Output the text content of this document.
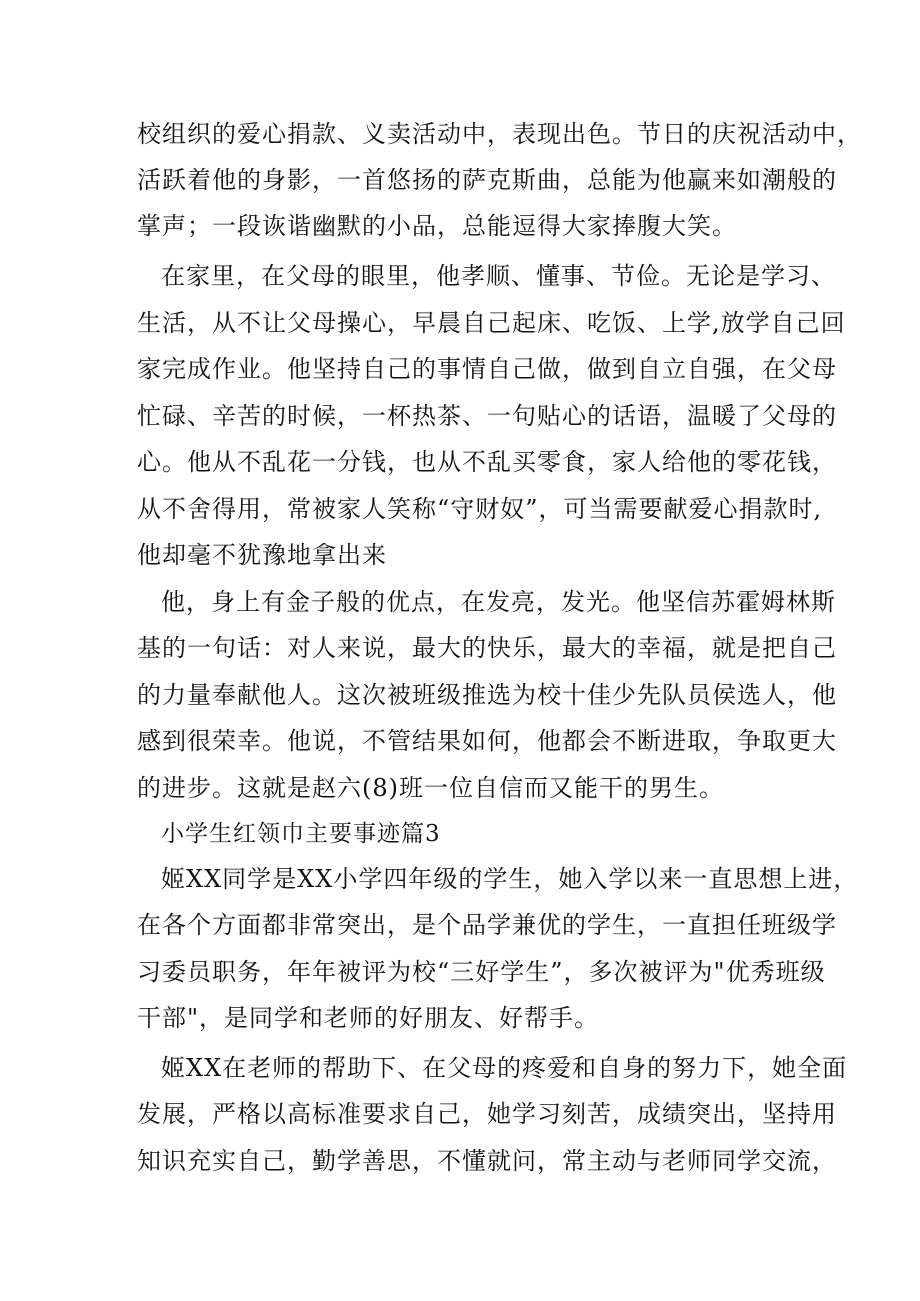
校组织的爱心捐款、义卖活动中，表现出色。节日的庆祝活动中，
活跃着他的身影，一首悠扬的萨克斯曲，总能为他赢来如潮般的
掌声；一段诙谐幽默的小品，总能逗得大家捧腹大笑。
在家里，在父母的眼里，他孝顺、懂事、节俭。无论是学习、
生活，从不让父母操心，早晨自己起床、吃饭、上学,放学自己回
家完成作业。他坚持自己的事情自己做，做到自立自强，在父母
忙碌、辛苦的时候，一杯热茶、一句贴心的话语，温暖了父母的
心。他从不乱花一分钱，也从不乱买零食，家人给他的零花钱，
从不舍得用，常被家人笑称“守财奴”，可当需要献爱心捐款时,
他却毫不犹豫地拿出来
他，身上有金子般的优点，在发亮，发光。他坚信苏霍姆林斯
基的一句话：对人来说，最大的快乐，最大的幸福，就是把自己
的力量奉献他人。这次被班级推选为校十佳少先队员侯选人，他
感到很荣幸。他说，不管结果如何，他都会不断进取，争取更大
的进步。这就是赵六(8)班一位自信而又能干的男生。
小学生红领巾主要事迹篇3
姬XX同学是XX小学四年级的学生，她入学以来一直思想上进，
在各个方面都非常突出，是个品学兼优的学生，一直担任班级学
习委员职务，年年被评为校“三好学生”，多次被评为"优秀班级
干部"，是同学和老师的好朋友、好帮手。
姬XX在老师的帮助下、在父母的疼爱和自身的努力下，她全面
发展，严格以高标准要求自己，她学习刻苦，成绩突出，坚持用
知识充实自己，勤学善思，不懂就问，常主动与老师同学交流，
